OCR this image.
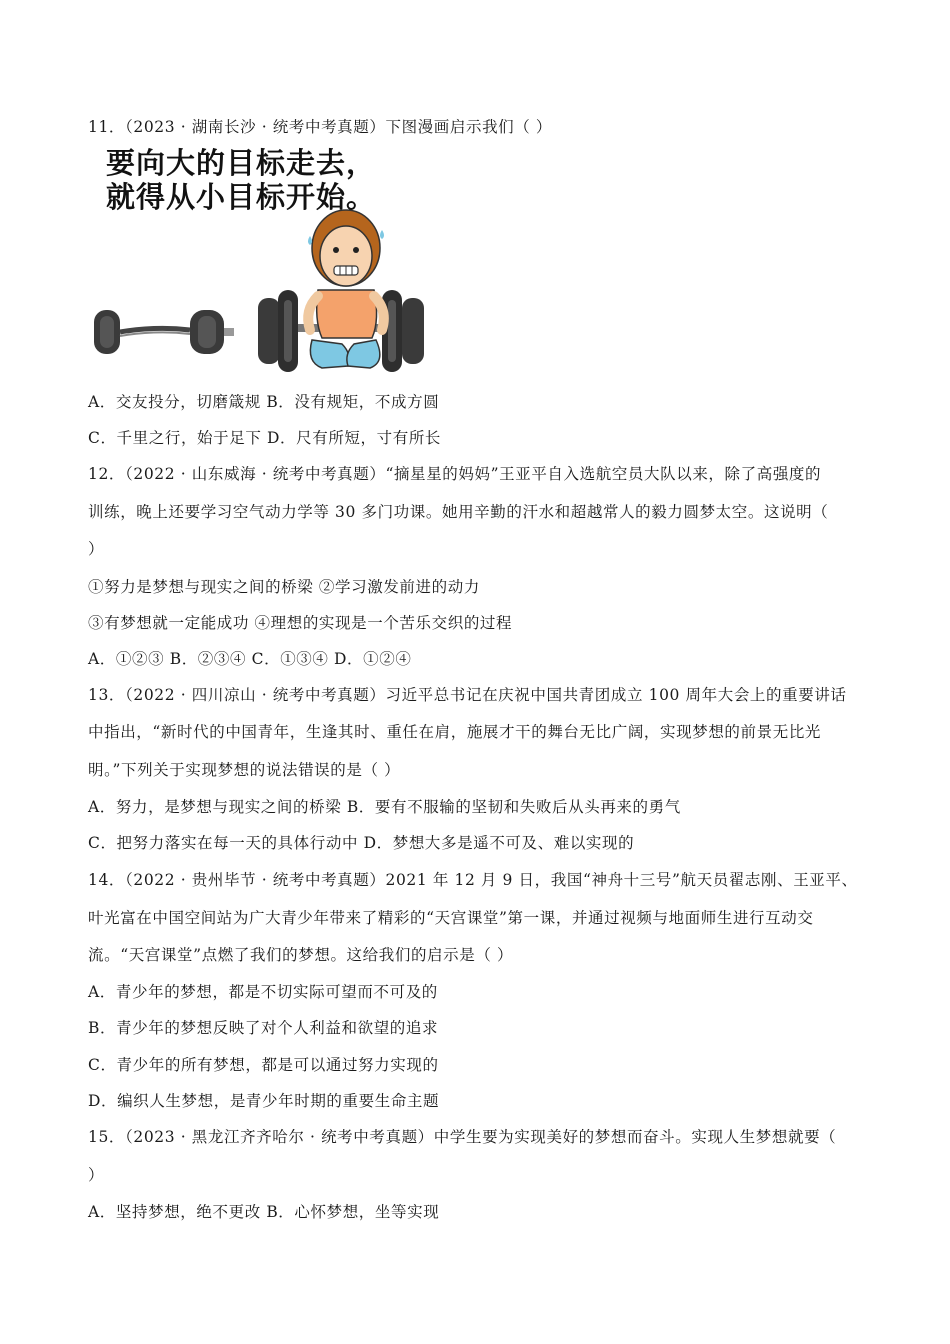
11．（2023 · 湖南长沙 · 统考中考真题）下图漫画启示我们（ ）
要向大的目标走去，
就得从小目标开始。
A．交友投分，切磨箴规 B．没有规矩，不成方圆
C．千里之行，始于足下 D．尺有所短，寸有所长
12．（2022 · 山东威海 · 统考中考真题）“摘星星的妈妈”王亚平自入选航空员大队以来，除了高强度的
训练，晚上还要学习空气动力学等 30 多门功课。她用辛勤的汗水和超越常人的毅力圆梦太空。这说明（
）
①努力是梦想与现实之间的桥梁 ②学习激发前进的动力
③有梦想就一定能成功 ④理想的实现是一个苦乐交织的过程
A．①②③ B．②③④ C．①③④ D．①②④
13．（2022 · 四川凉山 · 统考中考真题）习近平总书记在庆祝中国共青团成立 100 周年大会上的重要讲话
中指出，“新时代的中国青年，生逢其时、重任在肩，施展才干的舞台无比广阔，实现梦想的前景无比光
明。”下列关于实现梦想的说法错误的是（ ）
A．努力，是梦想与现实之间的桥梁 B．要有不服输的坚韧和失败后从头再来的勇气
C．把努力落实在每一天的具体行动中 D．梦想大多是遥不可及、难以实现的
14．（2022 · 贵州毕节 · 统考中考真题）2021 年 12 月 9 日，我国“神舟十三号”航天员翟志刚、王亚平、
叶光富在中国空间站为广大青少年带来了精彩的“天宫课堂”第一课，并通过视频与地面师生进行互动交
流。“天宫课堂”点燃了我们的梦想。这给我们的启示是（ ）
A．青少年的梦想，都是不切实际可望而不可及的
B．青少年的梦想反映了对个人利益和欲望的追求
C．青少年的所有梦想，都是可以通过努力实现的
D．编织人生梦想，是青少年时期的重要生命主题
15．（2023 · 黑龙江齐齐哈尔 · 统考中考真题）中学生要为实现美好的梦想而奋斗。实现人生梦想就要（
）
A．坚持梦想，绝不更改 B．心怀梦想，坐等实现
